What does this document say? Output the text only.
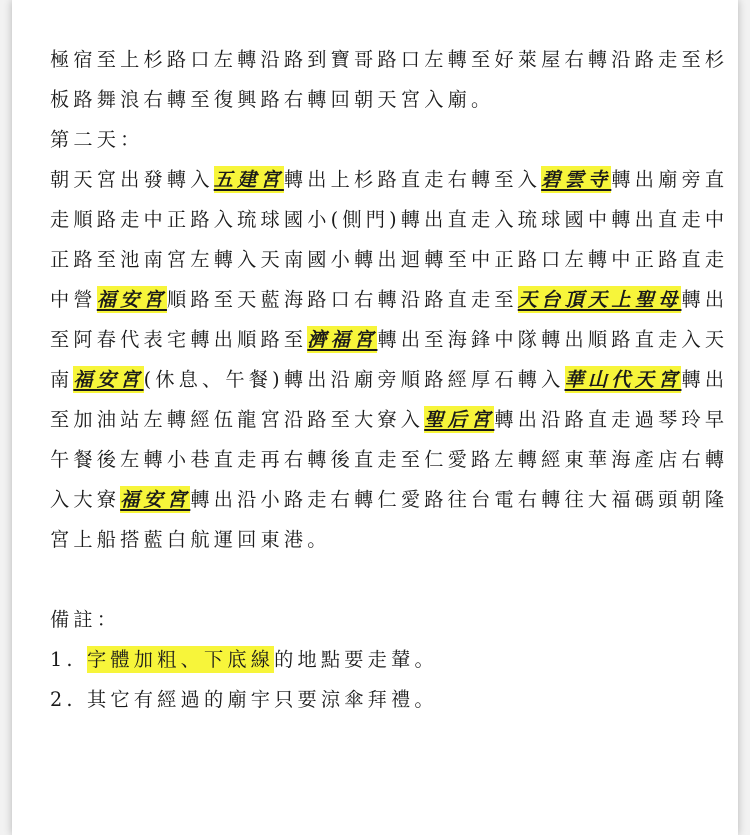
極宿至上杉路口左轉沿路到寶哥路口左轉至好萊屋右轉沿路走至杉
板路舞浪右轉至復興路右轉回朝天宮入廟。
第二天：
朝天宮出發轉入五建宮轉出上杉路直走右轉至入碧雲寺轉出廟旁直
走順路走中正路入琉球國小(側門)轉出直走入琉球國中轉出直走中
正路至池南宮左轉入天南國小轉出迴轉至中正路口左轉中正路直走
中營福安宮順路至天藍海路口右轉沿路直走至天台頂天上聖母轉出
至阿春代表宅轉出順路至濟福宮轉出至海鋒中隊轉出順路直走入天
南福安宮(休息、午餐)轉出沿廟旁順路經厚石轉入華山代天宮轉出
至加油站左轉經伍龍宮沿路至大寮入聖后宮轉出沿路直走過琴玲早
午餐後左轉小巷直走再右轉後直走至仁愛路左轉經東華海產店右轉
入大寮福安宮轉出沿小路走右轉仁愛路往台電右轉往大福碼頭朝隆
宮上船搭藍白航運回東港。
備註：
1. 字體加粗、下底線的地點要走輦。
2. 其它有經過的廟宇只要涼傘拜禮。
